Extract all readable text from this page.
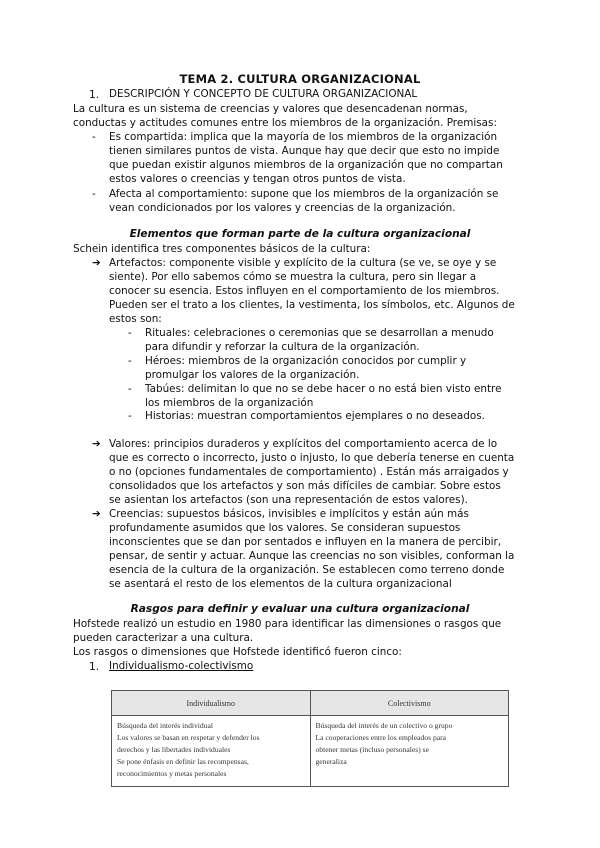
TEMA 2. CULTURA ORGANIZACIONAL
1. DESCRIPCIÓN Y CONCEPTO DE CULTURA ORGANIZACIONAL
La cultura es un sistema de creencias y valores que desencadenan normas,
conductas y actitudes comunes entre los miembros de la organización. Premisas:
- Es compartida: implica que la mayoría de los miembros de la organización
tienen similares puntos de vista. Aunque hay que decir que esto no impide
que puedan existir algunos miembros de la organización que no compartan
estos valores o creencias y tengan otros puntos de vista.
- Afecta al comportamiento: supone que los miembros de la organización se
vean condicionados por los valores y creencias de la organización.
Elementos que forman parte de la cultura organizacional
Schein identifica tres componentes básicos de la cultura:
➔ Artefactos: componente visible y explícito de la cultura (se ve, se oye y se
siente). Por ello sabemos cómo se muestra la cultura, pero sin llegar a
conocer su esencia. Estos influyen en el comportamiento de los miembros.
Pueden ser el trato a los clientes, la vestimenta, los símbolos, etc. Algunos de
estos son:
- Rituales: celebraciones o ceremonias que se desarrollan a menudo
para difundir y reforzar la cultura de la organización.
- Héroes: miembros de la organización conocidos por cumplir y
promulgar los valores de la organización.
- Tabúes: delimitan lo que no se debe hacer o no está bien visto entre
los miembros de la organización
- Historias: muestran comportamientos ejemplares o no deseados.
➔ Valores: principios duraderos y explícitos del comportamiento acerca de lo
que es correcto o incorrecto, justo o injusto, lo que debería tenerse en cuenta
o no (opciones fundamentales de comportamiento) . Están más arraigados y
consolidados que los artefactos y son más difíciles de cambiar. Sobre estos
se asientan los artefactos (son una representación de estos valores).
➔ Creencias: supuestos básicos, invisibles e implícitos y están aún más
profundamente asumidos que los valores. Se consideran supuestos
inconscientes que se dan por sentados e influyen en la manera de percibir,
pensar, de sentir y actuar. Aunque las creencias no son visibles, conforman la
esencia de la cultura de la organización. Se establecen como terreno donde
se asentará el resto de los elementos de la cultura organizacional
Rasgos para definir y evaluar una cultura organizacional
Hofstede realizó un estudio en 1980 para identificar las dimensiones o rasgos que
pueden caracterizar a una cultura.
Los rasgos o dimensiones que Hofstede identificó fueron cinco:
1. Individualismo-colectivismo
Individualismo	Colectivismo

Búsqueda del interés individual
Los valores se basan en respetar y defender los
derechos y las libertades individuales
Se pone énfasis en definir las recompensas,
reconocimientos y metas personales	Búsqueda del interés de un colectivo o grupo
La cooperaciones entre los empleados para
obtener metas (incluso personales) se
generaliza
